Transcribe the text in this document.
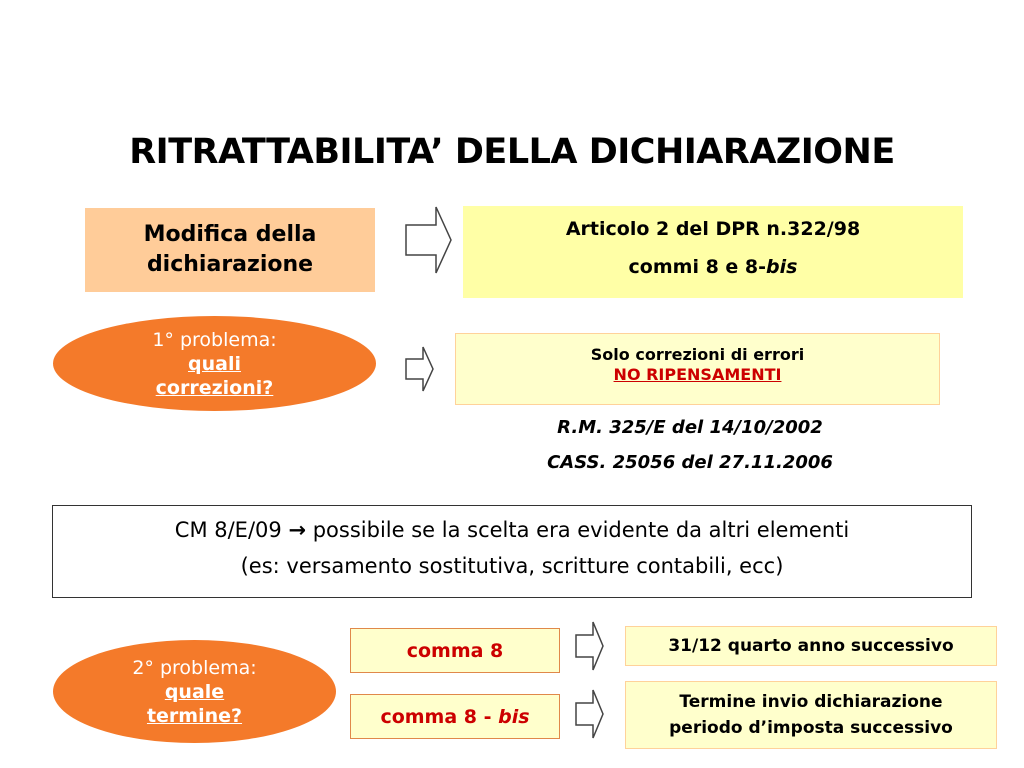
RITRATTABILITA’ DELLA DICHIARAZIONE
Modifica della
dichiarazione
Articolo 2 del DPR n.322/98
commi 8 e 8-bis
1° problema:
quali
correzioni?
Solo correzioni di errori
NO RIPENSAMENTI
R.M. 325/E del 14/10/2002
CASS. 25056 del 27.11.2006
CM 8/E/09 → possibile se la scelta era evidente da altri elementi
(es: versamento sostitutiva, scritture contabili, ecc)
2° problema:
quale
termine?
comma 8
comma 8 - bis
31/12 quarto anno successivo
Termine invio dichiarazione
periodo d’imposta successivo
